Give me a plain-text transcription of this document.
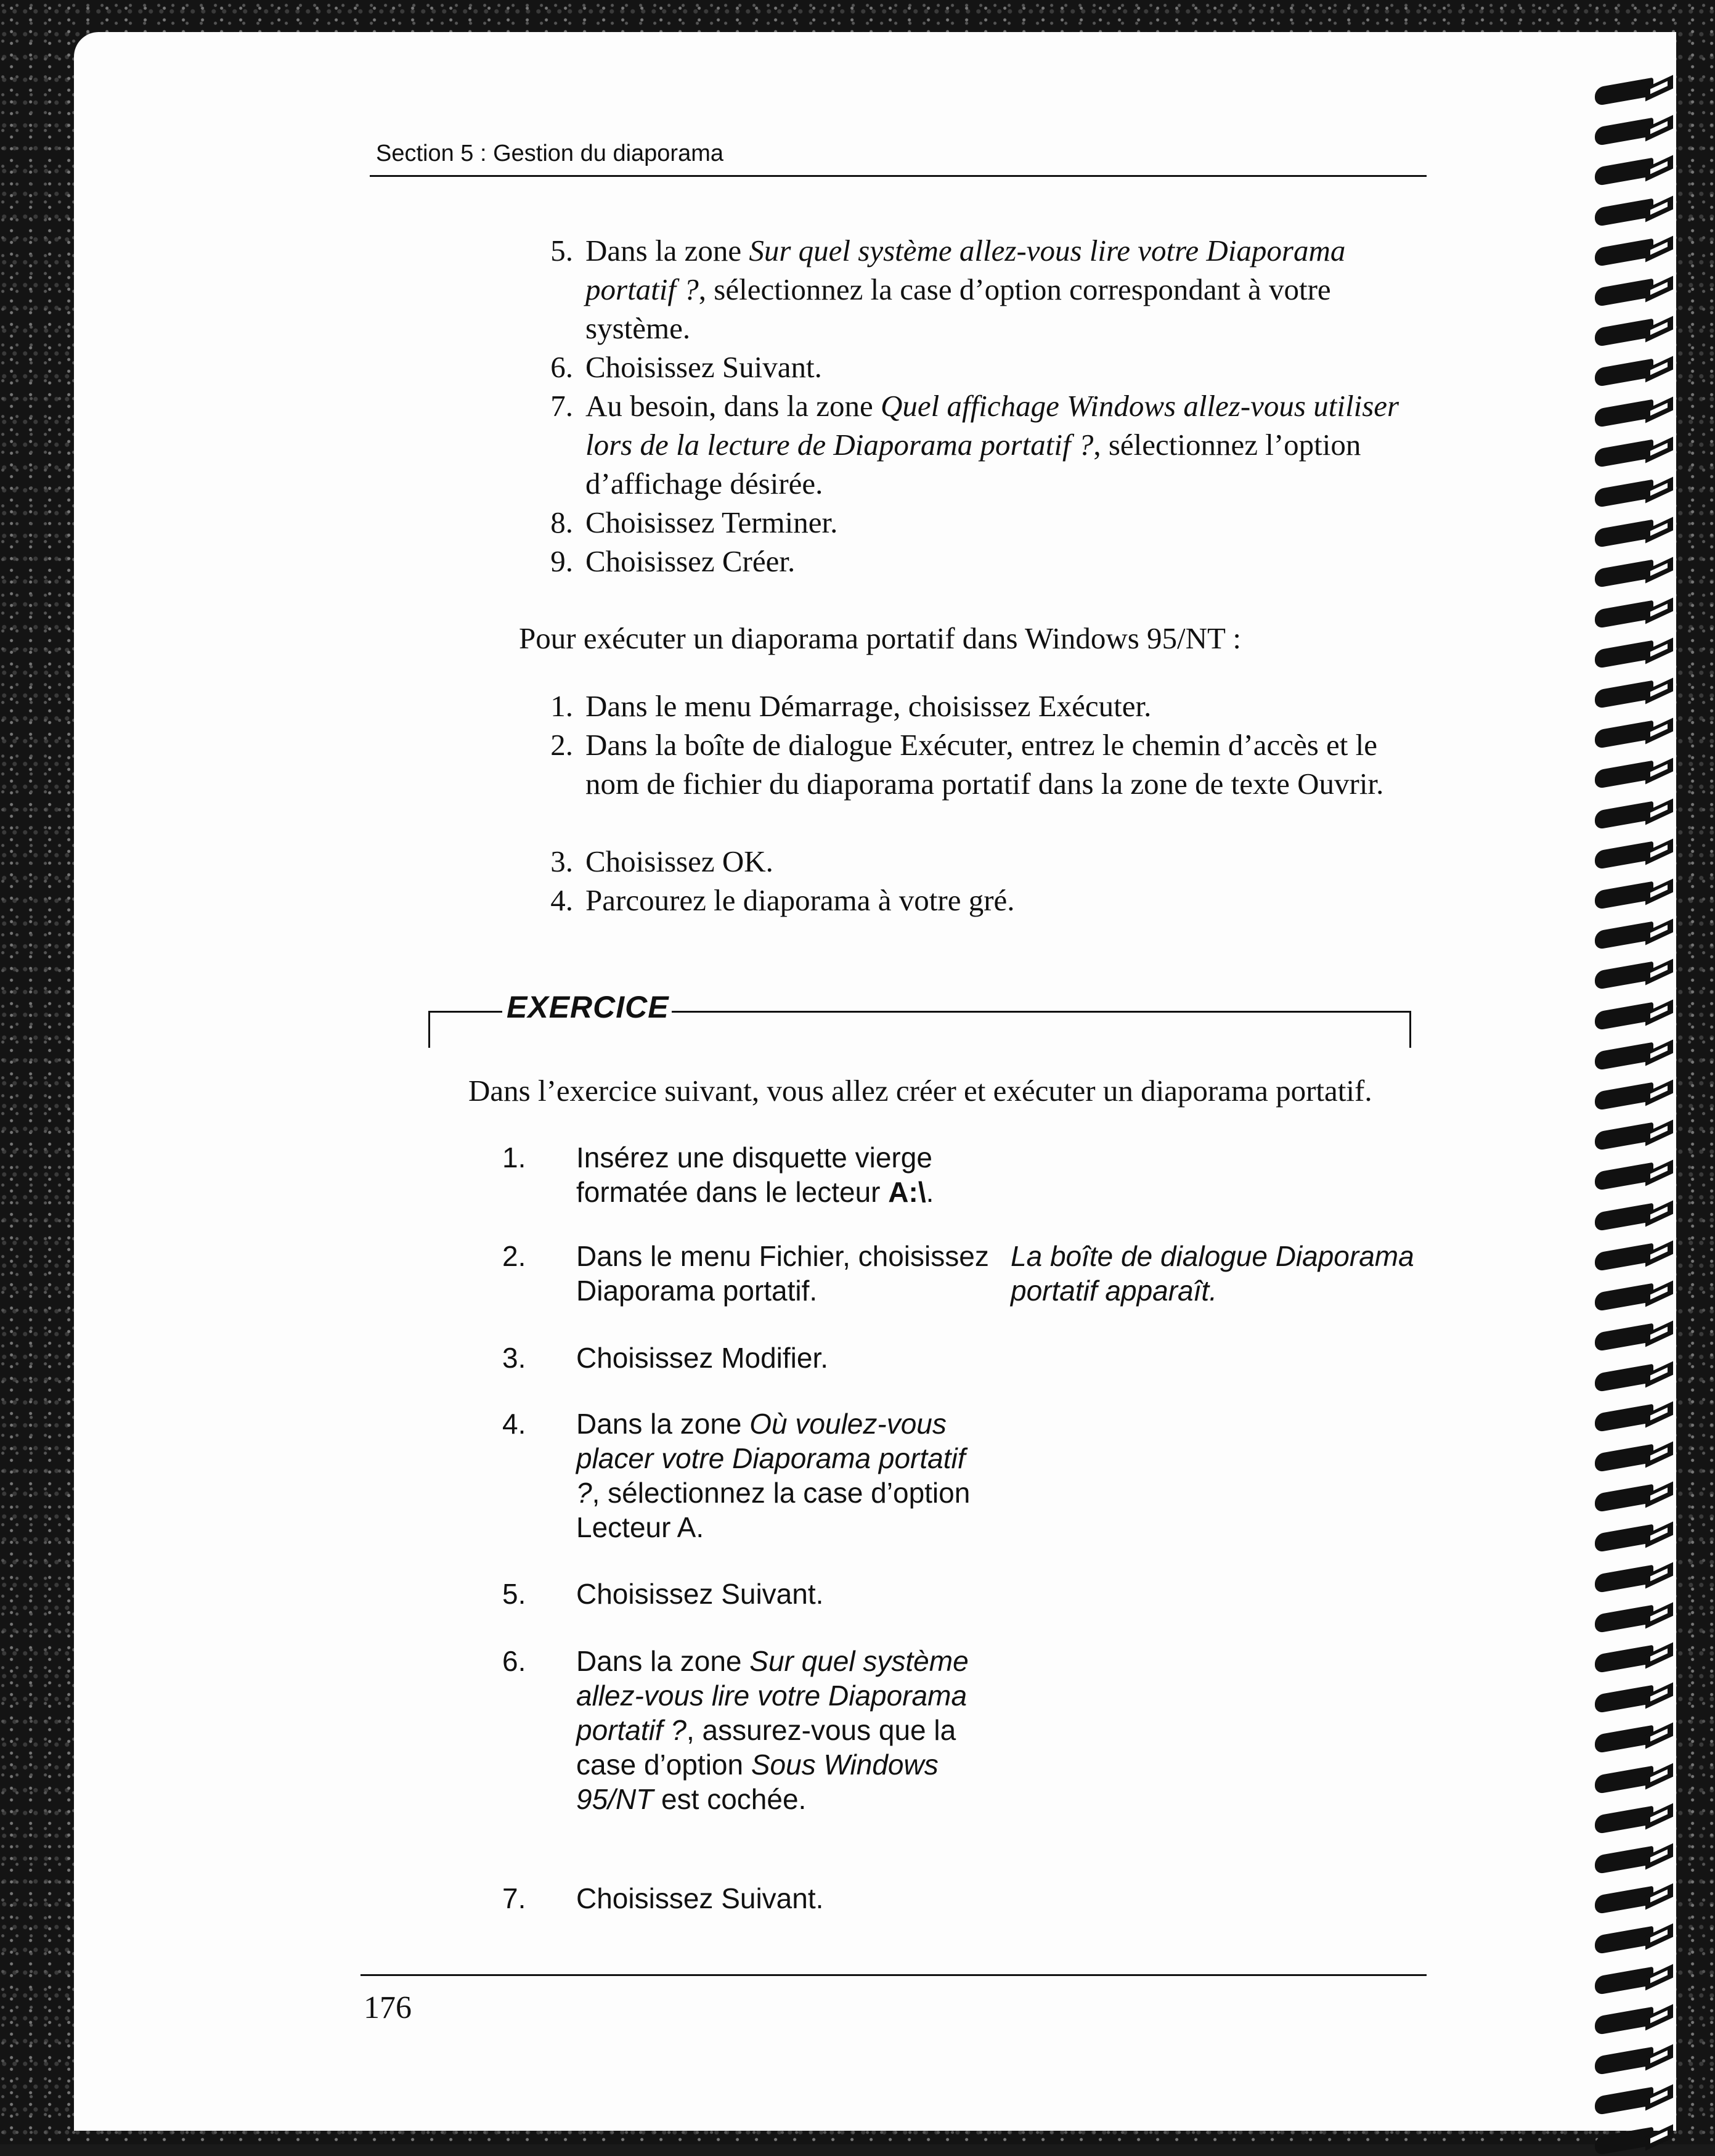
Section 5 : Gestion du diaporama
5. Dans la zone Sur quel système allez-vous lire votre Diaporama portatif ?, sélectionnez la case d’option correspondant à votre système.
6. Choisissez Suivant.
7. Au besoin, dans la zone Quel affichage Windows allez-vous utiliser lors de la lecture de Diaporama portatif ?, sélectionnez l’option d’affichage désirée.
8. Choisissez Terminer.
9. Choisissez Créer.
Pour exécuter un diaporama portatif dans Windows 95/NT :
1. Dans le menu Démarrage, choisissez Exécuter.
2. Dans la boîte de dialogue Exécuter, entrez le chemin d’accès et le nom de fichier du diaporama portatif dans la zone de texte Ouvrir.
3. Choisissez OK.
4. Parcourez le diaporama à votre gré.
EXERCICE
Dans l’exercice suivant, vous allez créer et exécuter un diaporama portatif.
1.	Insérez une disquette vierge formatée dans le lecteur A:\.
2.	Dans le menu Fichier, choisissez Diaporama portatif.
La boîte de dialogue Diaporama portatif apparaît.
3.	Choisissez Modifier.
4.	Dans la zone Où voulez-vous placer votre Diaporama portatif ?, sélectionnez la case d’option Lecteur A.
5.	Choisissez Suivant.
6.	Dans la zone Sur quel système allez-vous lire votre Diaporama portatif ?, assurez-vous que la case d’option Sous Windows 95/NT est cochée.
7.	Choisissez Suivant.
176
